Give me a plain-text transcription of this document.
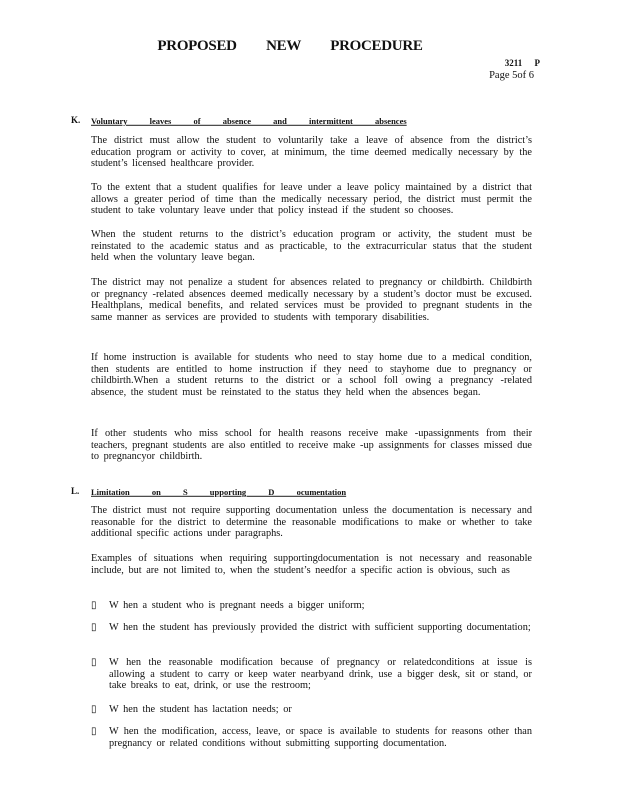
PROPOSED NEW PROCEDURE
3211 P
Page 5of 6
K. Voluntary leaves of absence and intermittent absences

The district must allow the student to voluntarily take a leave of absence from the district’s education program or activity to cover, at minimum, the time deemed medically necessary by the student’s licensed healthcare provider.

To the extent that a student qualifies for leave under a leave policy maintained by a district that allows a greater period of time than the medically necessary period, the district must permit the student to take voluntary leave under that policy instead if the student so chooses.

When the student returns to the district’s education program or activity, the student must be reinstated to the academic status and as practicable, to the extracurricular status that the student held when the voluntary leave began.

The district may not penalize a student for absences related to pregnancy or childbirth. Childbirth or pregnancy -related absences deemed medically necessary by a student’s doctor must be excused. Healthplans, medical benefits, and related services must be provided to pregnant students in the same manner as services are provided to students with temporary disabilities.

If home instruction is available for students who need to stay home due to a medical condition, then students are entitled to home instruction if they need to stayhome due to pregnancy or childbirth.When a student returns to the district or a school foll owing a pregnancy -related absence, the student must be reinstated to the status they held when the absences began.

If other students who miss school for health reasons receive make -upassignments from their teachers, pregnant students are also entitled to receive make -up assignments for classes missed due to pregnancyor childbirth.

L. Limitation on S upporting D ocumentation

The district must not require supporting documentation unless the documentation is necessary and reasonable for the district to determine the reasonable modifications to make or whether to take additional specific actions under paragraphs.

Examples of situations when requiring supportingdocumentation is not necessary and reasonable include, but are not limited to, when the student’s needfor a specific action is obvious, such as

▯ W hen a student who is pregnant needs a bigger uniform;

▯ W hen the student has previously provided the district with sufficient supporting documentation;

▯ W hen the reasonable modification because of pregnancy or relatedconditions at issue is allowing a student to carry or keep water nearbyand drink, use a bigger desk, sit or stand, or take breaks to eat, drink, or use the restroom;

▯ W hen the student has lactation needs; or

▯ W hen the modification, access, leave, or space is available to students for reasons other than pregnancy or related conditions without submitting supporting documentation.
